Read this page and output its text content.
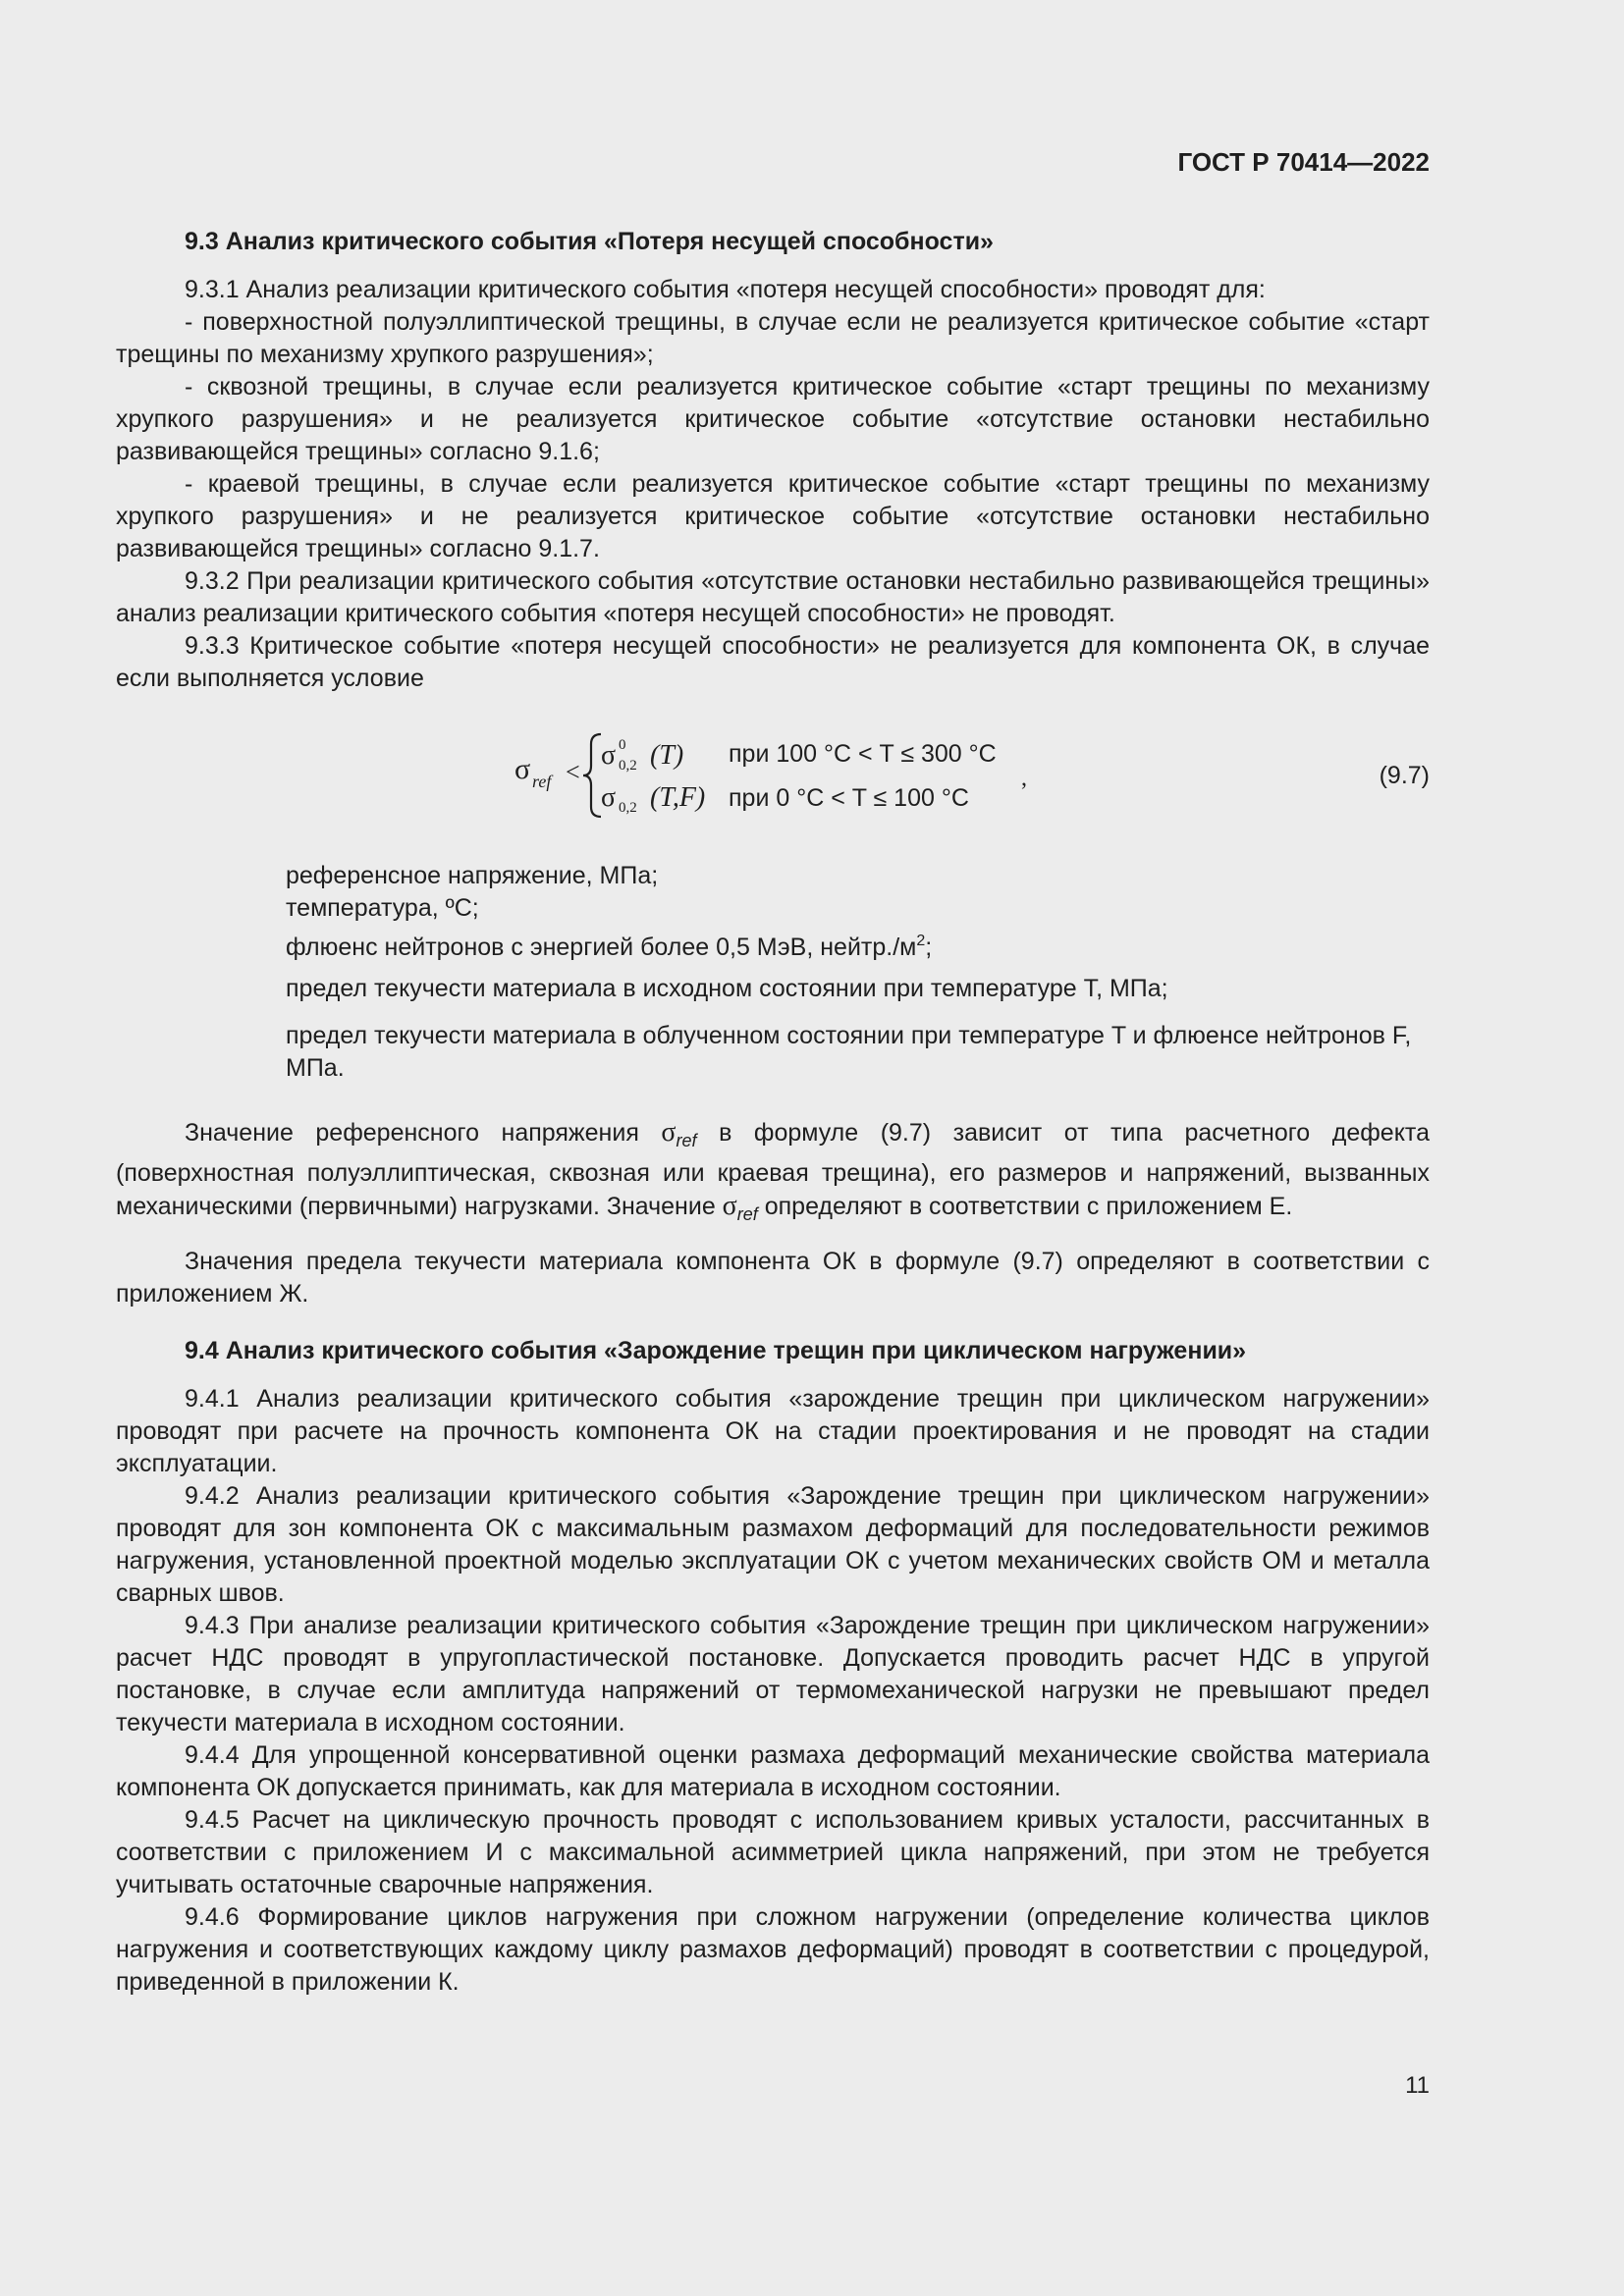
ГОСТ Р 70414—2022
9.3 Анализ критического события «Потеря несущей способности»
9.3.1 Анализ реализации критического события «потеря несущей способности» проводят для:
- поверхностной полуэллиптической трещины, в случае если не реализуется критическое событие «старт трещины по механизму хрупкого разрушения»;
- сквозной трещины, в случае если реализуется критическое событие «старт трещины по механизму хрупкого разрушения» и не реализуется критическое событие «отсутствие остановки нестабильно развивающейся трещины» согласно 9.1.6;
- краевой трещины, в случае если реализуется критическое событие «старт трещины по механизму хрупкого разрушения» и не реализуется критическое событие «отсутствие остановки нестабильно развивающейся трещины» согласно 9.1.7.
9.3.2 При реализации критического события «отсутствие остановки нестабильно развивающейся трещины» анализ реализации критического события «потеря несущей способности» не проводят.
9.3.3 Критическое событие «потеря несущей способности» не реализуется для компонента ОК, в случае если выполняется условие
σ ref <
σ 0
0,2 (T) при 100 °С < T ≤ 300 °С
σ 0,2 (T,F) при 0 °С < T ≤ 100 °С
,	(9.7)
референсное напряжение, МПа;
температура, ºС;
флюенс нейтронов с энергией более 0,5 МэВ, $нейтр./м^2$;
предел текучести материала в исходном состоянии при температуре T, МПа;
предел текучести материала в облученном состоянии при температуре T и флюенсе нейтронов F, МПа.
Значение референсного напряжения $\sigma_{ref}$ в формуле (9.7) зависит от типа расчетного дефекта (поверхностная полуэллиптическая, сквозная или краевая трещина), его размеров и напряжений, вызванных механическими (первичными) нагрузками. Значение $\sigma_{ref}$ определяют в соответствии с приложением Е.
Значения предела текучести материала компонента ОК в формуле (9.7) определяют в соответствии с приложением Ж.
9.4 Анализ критического события «Зарождение трещин при циклическом нагружении»
9.4.1 Анализ реализации критического события «зарождение трещин при циклическом нагружении» проводят при расчете на прочность компонента ОК на стадии проектирования и не проводят на стадии эксплуатации.
9.4.2 Анализ реализации критического события «Зарождение трещин при циклическом нагружении» проводят для зон компонента ОК с максимальным размахом деформаций для последовательности режимов нагружения, установленной проектной моделью эксплуатации ОК с учетом механических свойств ОМ и металла сварных швов.
9.4.3 При анализе реализации критического события «Зарождение трещин при циклическом нагружении» расчет НДС проводят в упругопластической постановке. Допускается проводить расчет НДС в упругой постановке, в случае если амплитуда напряжений от термомеханической нагрузки не превышают предел текучести материала в исходном состоянии.
9.4.4 Для упрощенной консервативной оценки размаха деформаций механические свойства материала компонента ОК допускается принимать, как для материала в исходном состоянии.
9.4.5 Расчет на циклическую прочность проводят с использованием кривых усталости, рассчитанных в соответствии с приложением И с максимальной асимметрией цикла напряжений, при этом не требуется учитывать остаточные сварочные напряжения.
9.4.6 Формирование циклов нагружения при сложном нагружении (определение количества циклов нагружения и соответствующих каждому циклу размахов деформаций) проводят в соответствии с процедурой, приведенной в приложении К.
11
